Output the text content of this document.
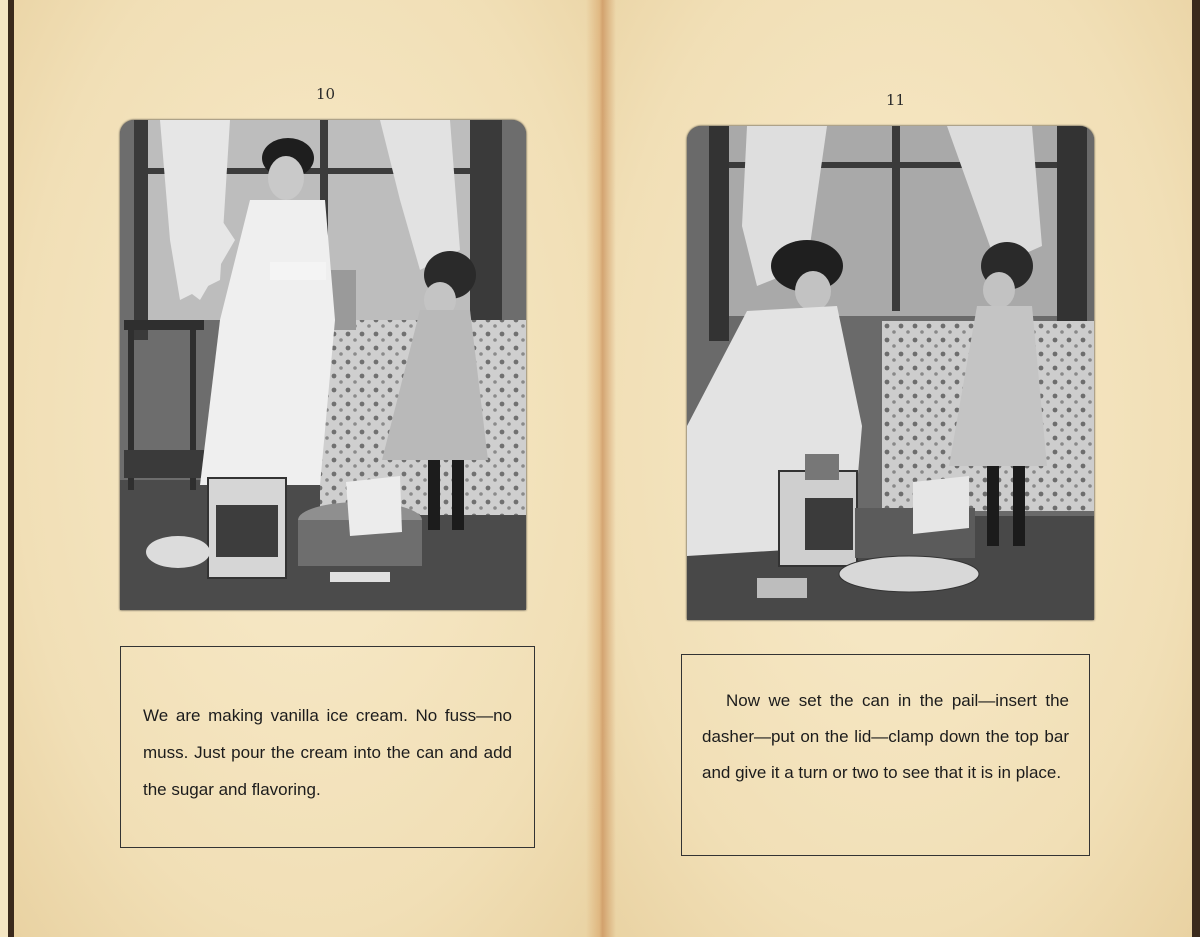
10

We are making vanilla ice cream. No fuss—no muss. Just pour the cream into the can and add the sugar and flavoring.

11

Now we set the can in the pail—insert the dasher—put on the lid—clamp down the top bar and give it a turn or two to see that it is in place.
